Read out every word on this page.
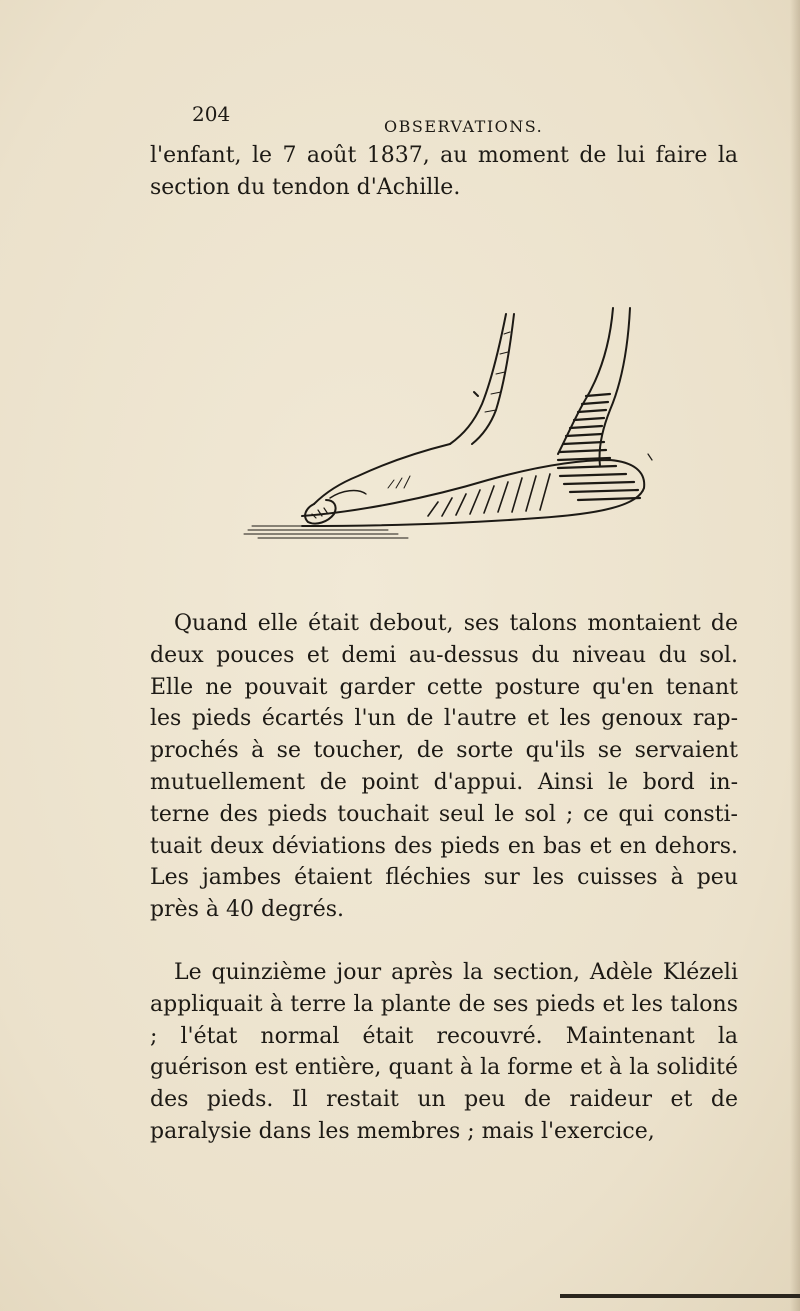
204
OBSERVATIONS.

l'enfant, le 7 août 1837, au moment de lui faire la section du tendon d'Achille.

Quand elle était debout, ses talons montaient de deux pouces et demi au-dessus du niveau du sol. Elle ne pouvait garder cette posture qu'en tenant les pieds écartés l'un de l'autre et les genoux rap-prochés à se toucher, de sorte qu'ils se servaient mutuellement de point d'appui. Ainsi le bord in-terne des pieds touchait seul le sol ; ce qui consti-tuait deux déviations des pieds en bas et en dehors. Les jambes étaient fléchies sur les cuisses à peu près à 40 degrés.

Le quinzième jour après la section, Adèle Klézeli appliquait à terre la plante de ses pieds et les talons ; l'état normal était recouvré. Maintenant la guérison est entière, quant à la forme et à la solidité des pieds. Il restait un peu de raideur et de paralysie dans les membres ; mais l'exercice,
